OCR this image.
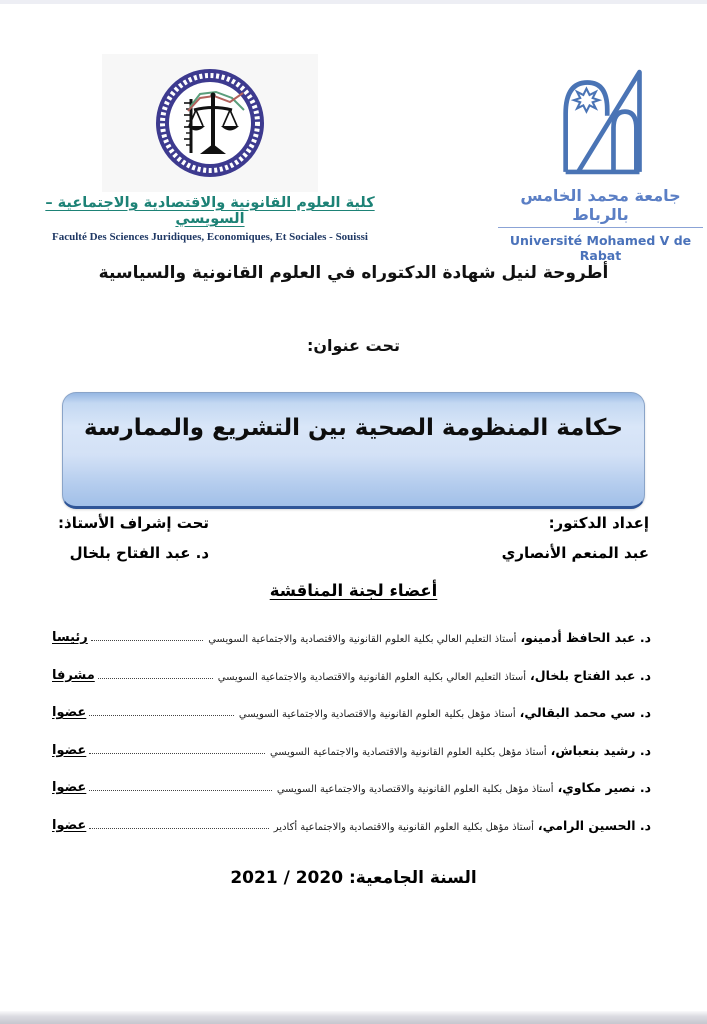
كلية العلوم القانونية والاقتصادية والاجتماعية – السويسي
Faculté Des Sciences Juridiques, Economiques, Et Sociales - Souissi
جامعة محمد الخامس بالرباط
Université Mohamed V de Rabat
أطروحة لنيل شهادة الدكتوراه في العلوم القانونية والسياسية
تحت عنوان:
حكامة المنظومة الصحية بين التشريع والممارسة
إعداد الدكتور:
عبد المنعم الأنصاري
تحت إشراف الأستاذ:
د. عبد الفتاح بلخال
أعضاء لجنة المناقشة
د. عبد الحافظ أدمينو،
أستاذ التعليم العالي بكلية العلوم القانونية والاقتصادية والاجتماعية السويسي
رئيسا
د. عبد الفتاح بلخال،
أستاذ التعليم العالي بكلية العلوم القانونية والاقتصادية والاجتماعية السويسي
مشرفا
د. سي محمد البقالي،
أستاذ مؤهل بكلية العلوم القانونية والاقتصادية والاجتماعية السويسي
عضوا
د. رشيد بنعباش،
أستاذ مؤهل بكلية العلوم القانونية والاقتصادية والاجتماعية السويسي
عضوا
د. نصير مكاوي،
أستاذ مؤهل بكلية العلوم القانونية والاقتصادية والاجتماعية السويسي
عضوا
د. الحسين الرامي،
أستاذ مؤهل بكلية العلوم القانونية والاقتصادية والاجتماعية أكادير
عضوا
السنة الجامعية: 2020 / 2021
